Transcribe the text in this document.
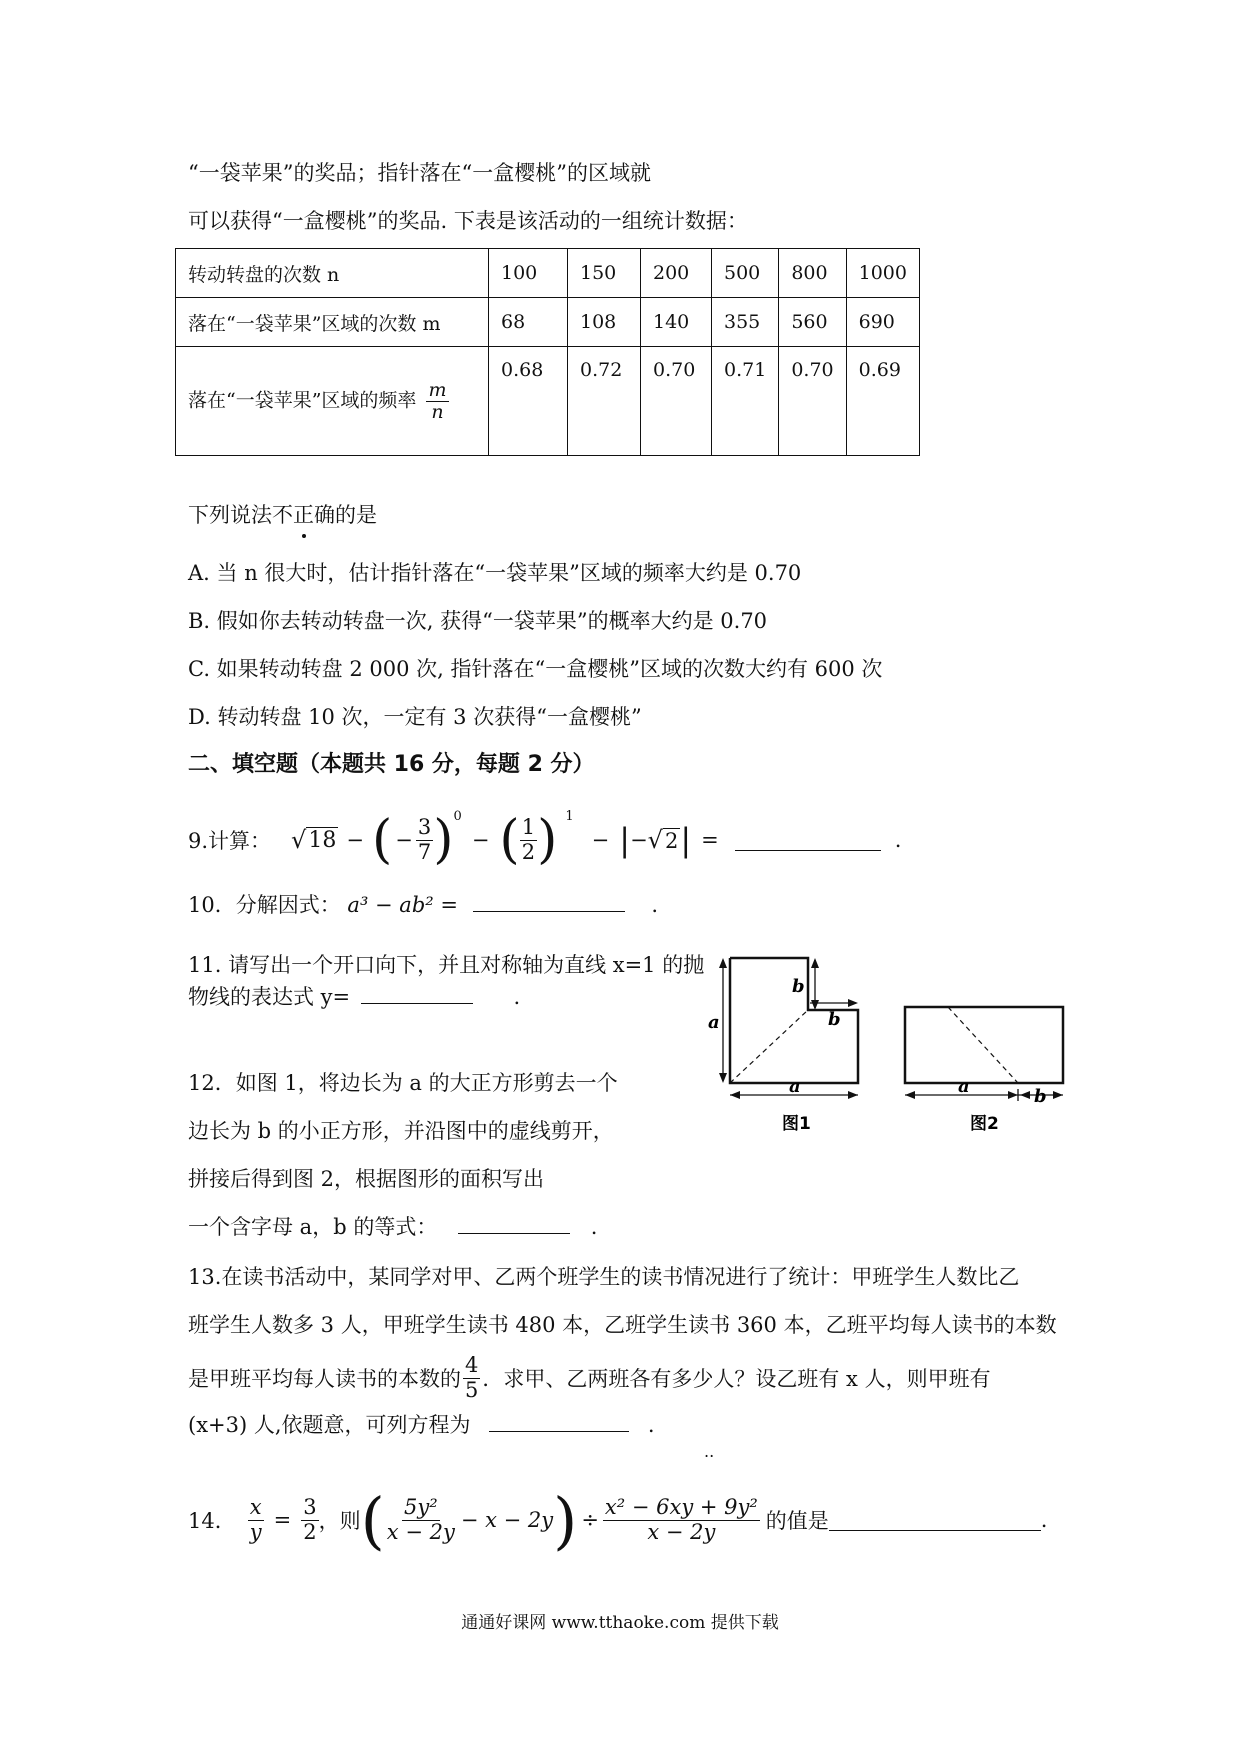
“一袋苹果”的奖品；指针落在“一盒樱桃”的区域就
可以获得“一盒樱桃”的奖品. 下表是该活动的一组统计数据：
转动转盘的次数 n	100	150	200	500	800	1000
落在“一袋苹果”区域的次数 m	68	108	140	355	560	690
落在“一袋苹果”区域的频率 $\frac{m}{n}$	0.68	0.72	0.70	0.71	0.70	0.69
下列说法不正确的是
A. 当 n 很大时，估计指针落在“一袋苹果”区域的频率大约是 0.70
B. 假如你去转动转盘一次, 获得“一袋苹果”的概率大约是 0.70
C. 如果转动转盘 2 000 次, 指针落在“一盒樱桃”区域的次数大约有 600 次
D. 转动转盘 10 次，一定有 3 次获得“一盒樱桃”
二、填空题（本题共 16 分，每题 2 分）
9.计算： √ 18 − ( − $\frac{3}{7}$ ) 0
− ( $\frac{1}{2}$ ) 1
− | − √ 2 | =	.
10．分解因式： a³ − ab² =	.
11. 请写出一个开口向下，并且对称轴为直线 x=1 的抛
物线的表达式 y=	.
12．如图 1，将边长为 a 的大正方形剪去一个
边长为 b 的小正方形，并沿图中的虚线剪开，
拼接后得到图 2，根据图形的面积写出
一个含字母 a，b 的等式：	.
a
b
b
a	a	b
图1	图2
13.在读书活动中，某同学对甲、乙两个班学生的读书情况进行了统计：甲班学生人数比乙
班学生人数多 3 人，甲班学生读书 480 本，乙班学生读书 360 本，乙班平均每人读书的本数
是甲班平均每人读书的本数的 $\frac{4}{5}$ ．求甲、乙两班各有多少人？设乙班有 x 人，则甲班有
(x+3) 人,依题意，可列方程为	.
..
14． $\frac{x}{y} = \frac{3}{2}$ ，则 ( $\frac{\text{5y²}}{x - 2y} - x - 2y$ ) ÷ $\frac{\text{x² − 6xy + 9y²}}{x - 2y}$ 的值是	.
通通好课网 www.tthaoke.com 提供下载
